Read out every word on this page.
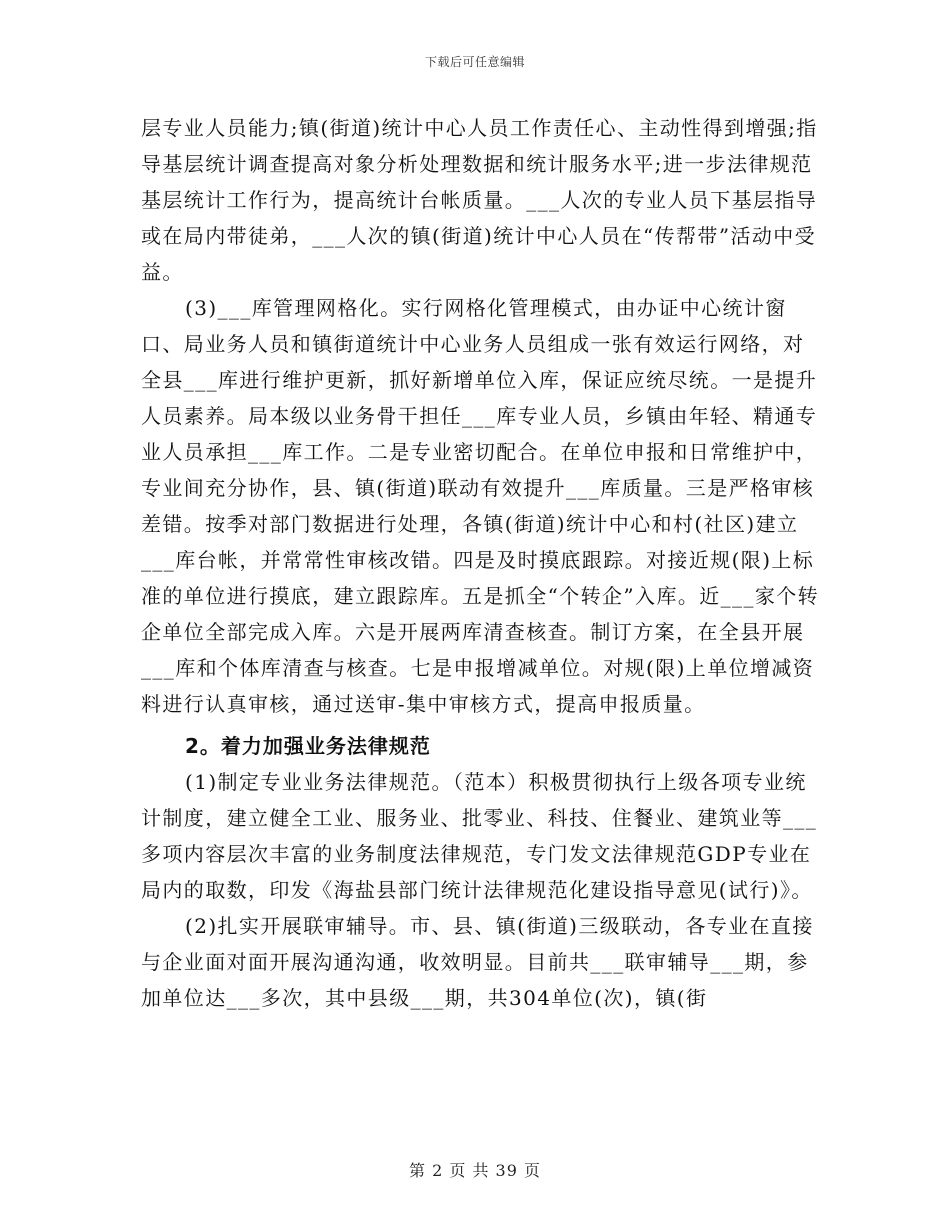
下载后可任意编辑

层专业人员能力;镇(街道)统计中心人员工作责任心、主动性得到增强;指导基层统计调查提高对象分析处理数据和统计服务水平;进一步法律规范基层统计工作行为，提高统计台帐质量。___人次的专业人员下基层指导或在局内带徒弟，___人次的镇(街道)统计中心人员在“传帮带”活动中受益。

(3)___库管理网格化。实行网格化管理模式，由办证中心统计窗口、局业务人员和镇街道统计中心业务人员组成一张有效运行网络，对全县___库进行维护更新，抓好新增单位入库，保证应统尽统。一是提升人员素养。局本级以业务骨干担任___库专业人员，乡镇由年轻、精通专业人员承担___库工作。二是专业密切配合。在单位申报和日常维护中，专业间充分协作，县、镇(街道)联动有效提升___库质量。三是严格审核差错。按季对部门数据进行处理，各镇(街道)统计中心和村(社区)建立___库台帐，并常常性审核改错。四是及时摸底跟踪。对接近规(限)上标准的单位进行摸底，建立跟踪库。五是抓全“个转企”入库。近___家个转企单位全部完成入库。六是开展两库清查核查。制订方案，在全县开展___库和个体库清查与核查。七是申报增减单位。对规(限)上单位增减资料进行认真审核，通过送审-集中审核方式，提高申报质量。

2。着力加强业务法律规范

(1)制定专业业务法律规范。（范本）积极贯彻执行上级各项专业统计制度，建立健全工业、服务业、批零业、科技、住餐业、建筑业等___多项内容层次丰富的业务制度法律规范，专门发文法律规范GDP专业在局内的取数，印发《海盐县部门统计法律规范化建设指导意见(试行)》。

(2)扎实开展联审辅导。市、县、镇(街道)三级联动，各专业在直接与企业面对面开展沟通沟通，收效明显。目前共___联审辅导___期，参加单位达___多次，其中县级___期，共304单位(次)，镇(街

第 2 页 共 39 页
